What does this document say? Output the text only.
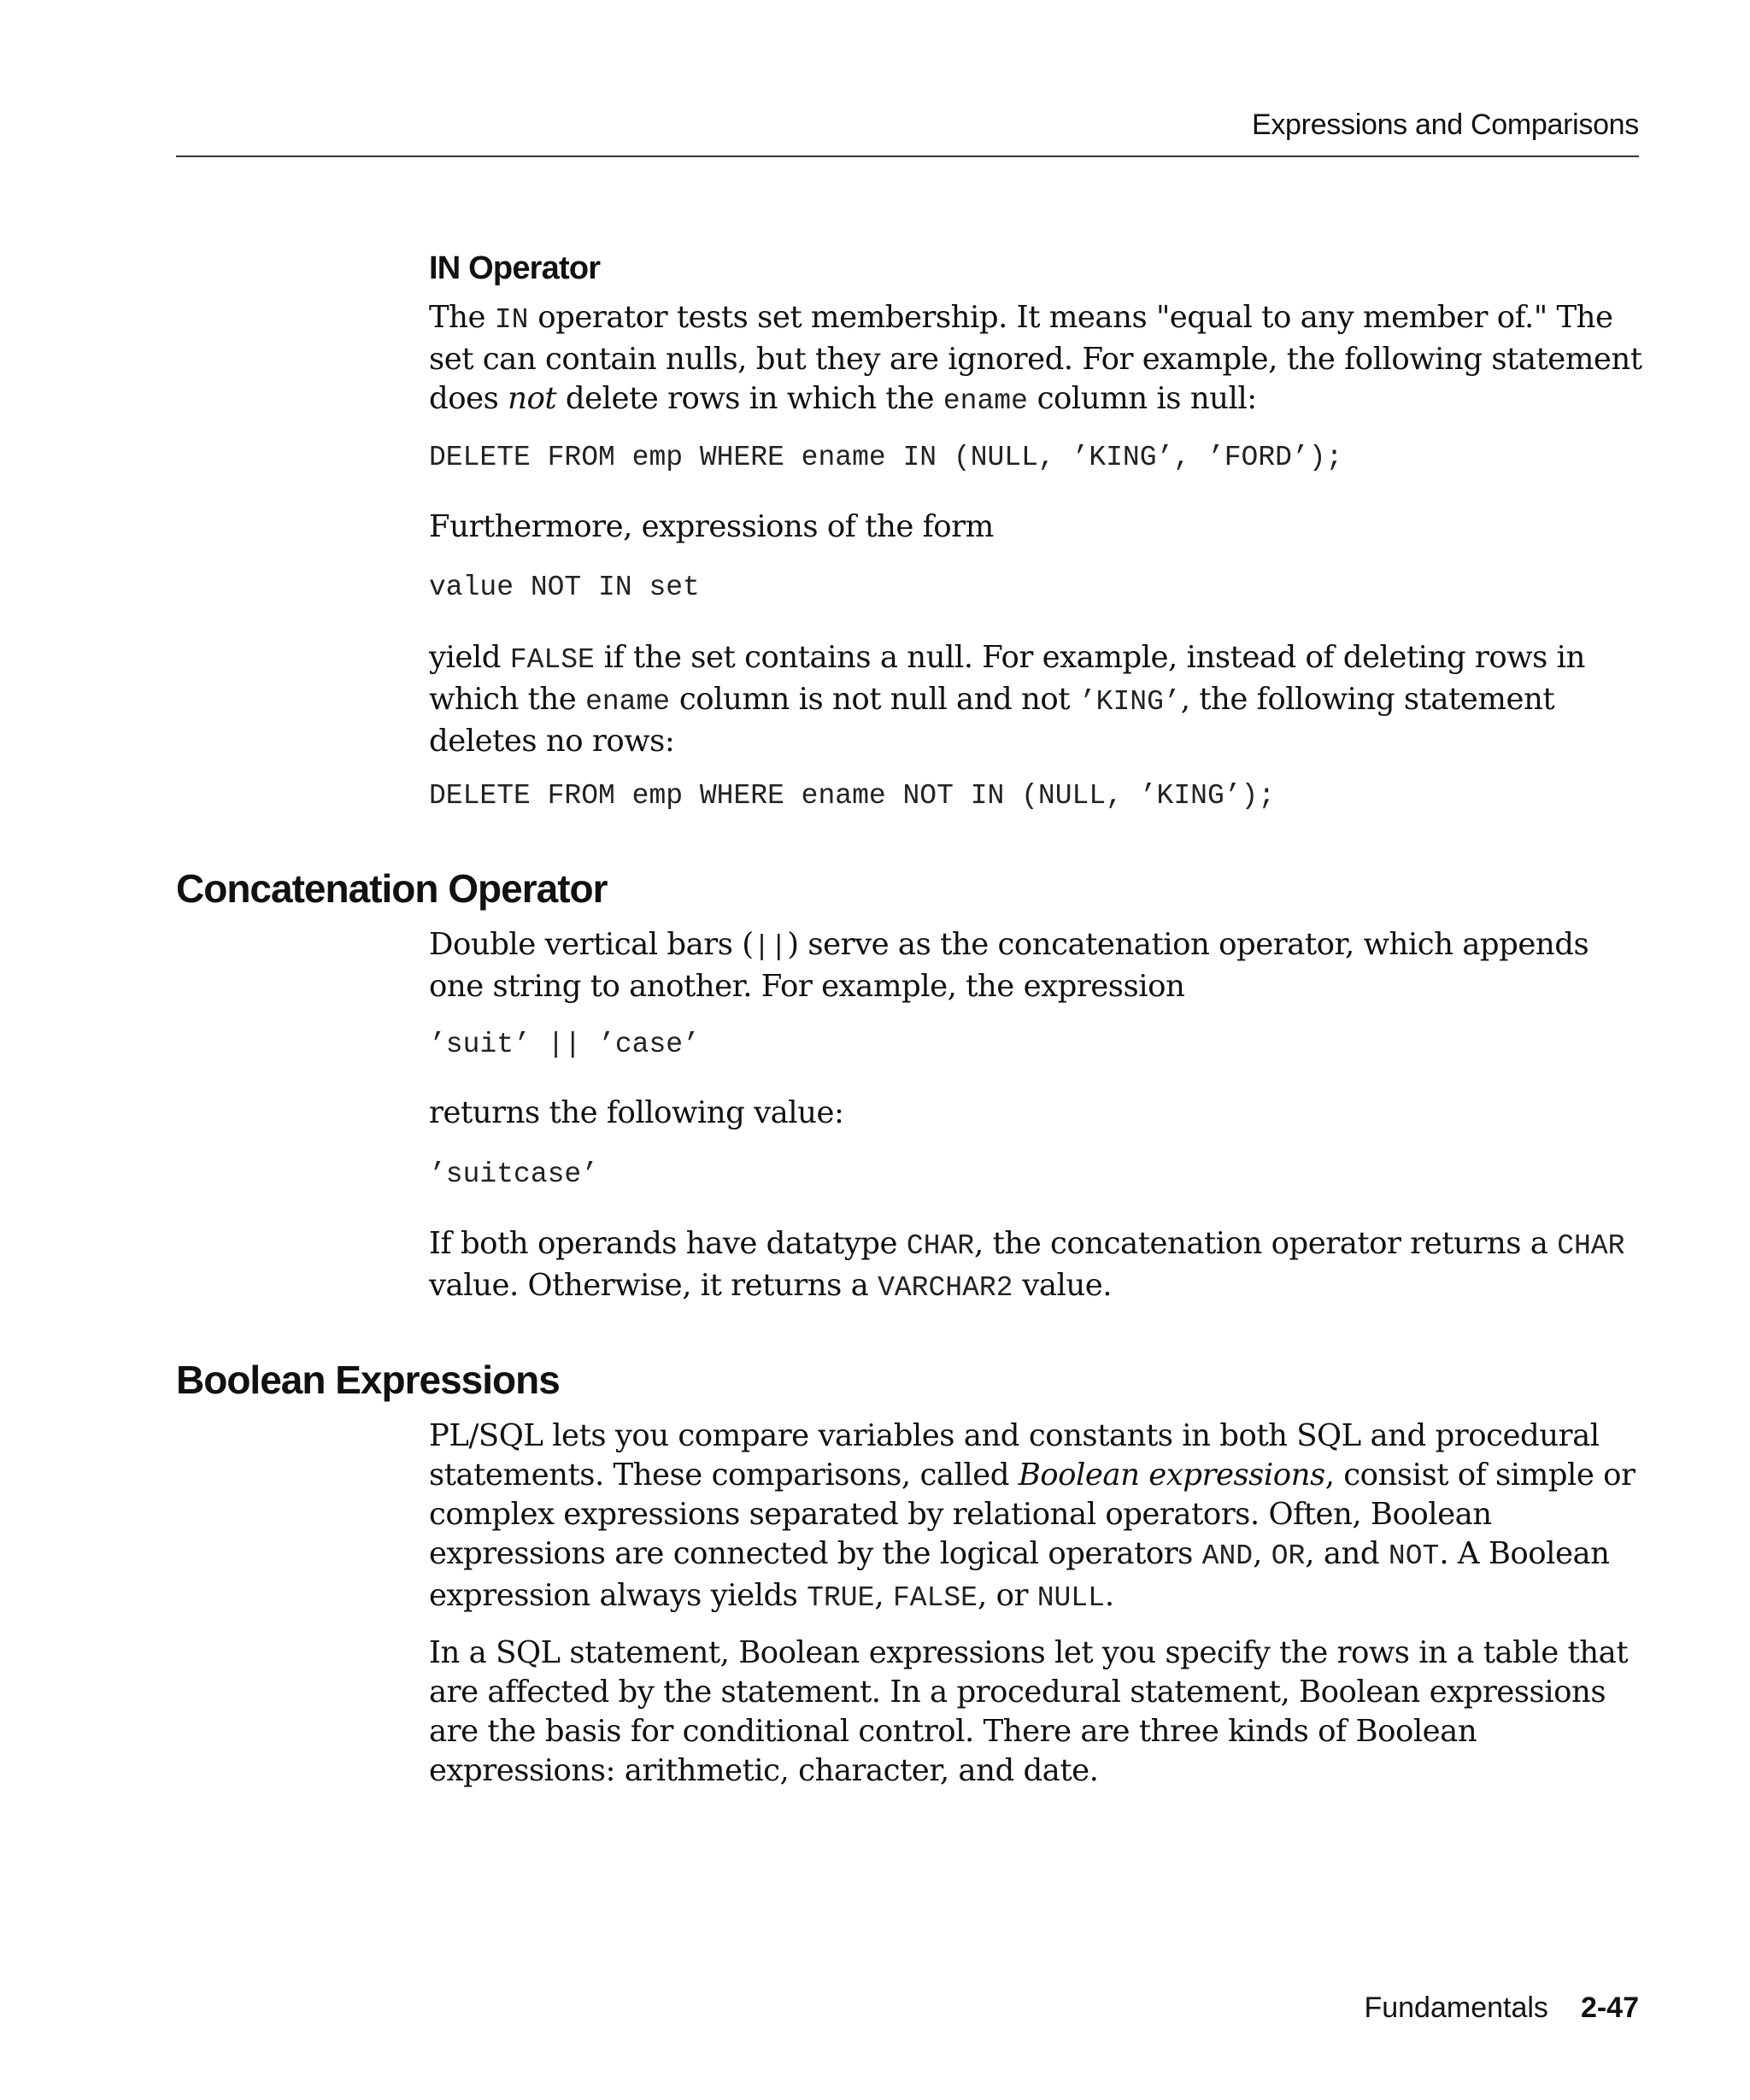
Expressions and Comparisons
IN Operator

The IN operator tests set membership. It means "equal to any member of." The set can contain nulls, but they are ignored. For example, the following statement does not delete rows in which the ename column is null:

DELETE FROM emp WHERE ename IN (NULL, ’KING’, ’FORD’);

Furthermore, expressions of the form

value NOT IN set

yield FALSE if the set contains a null. For example, instead of deleting rows in which the ename column is not null and not ’KING’, the following statement deletes no rows:

DELETE FROM emp WHERE ename NOT IN (NULL, ’KING’);
Concatenation Operator

Double vertical bars (||) serve as the concatenation operator, which appends one string to another. For example, the expression

’suit’ || ’case’

returns the following value:

’suitcase’

If both operands have datatype CHAR, the concatenation operator returns a CHAR value. Otherwise, it returns a VARCHAR2 value.

Boolean Expressions

PL/SQL lets you compare variables and constants in both SQL and procedural statements. These comparisons, called Boolean expressions, consist of simple or complex expressions separated by relational operators. Often, Boolean expressions are connected by the logical operators AND, OR, and NOT. A Boolean expression always yields TRUE, FALSE, or NULL.

In a SQL statement, Boolean expressions let you specify the rows in a table that are affected by the statement. In a procedural statement, Boolean expressions are the basis for conditional control. There are three kinds of Boolean expressions: arithmetic, character, and date.

Fundamentals 2-47
